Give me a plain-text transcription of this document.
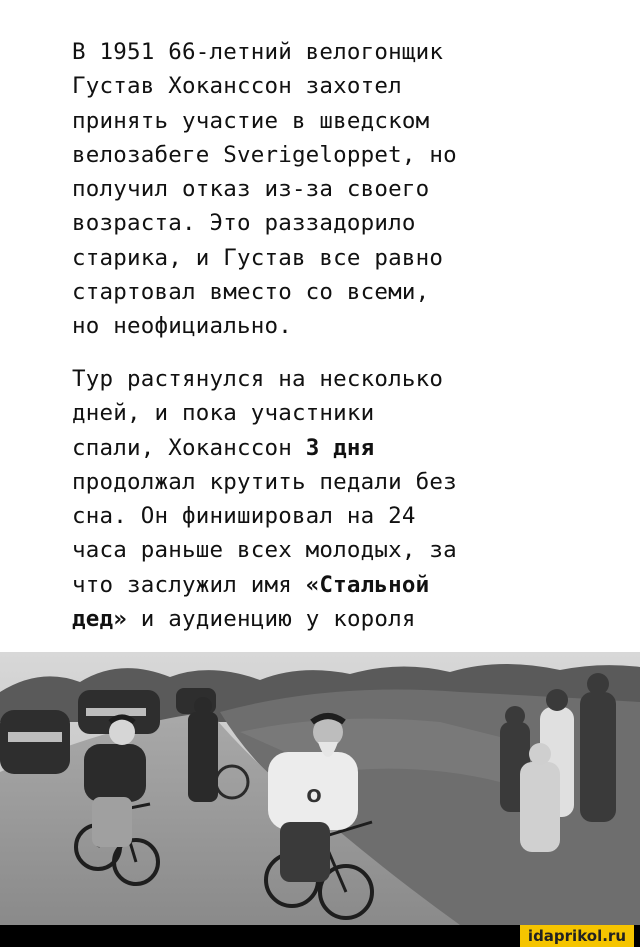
В 1951 66-летний велогонщик
Густав Хоканссон захотел
принять участие в шведском
велозабеге Sverigeloppet, но
получил отказ из-за своего
возраста. Это раззадорило
старика, и Густав все равно
стартовал вместо со всеми,
но неофициально.
Тур растянулся на несколько
дней, и пока участники
спали, Хоканссон 3 дня
продолжал крутить педали без
сна. Он финишировал на 24
часа раньше всех молодых, за
что заслужил имя «Стальной
дед» и аудиенцию у короля
O
idaprikol.ru
